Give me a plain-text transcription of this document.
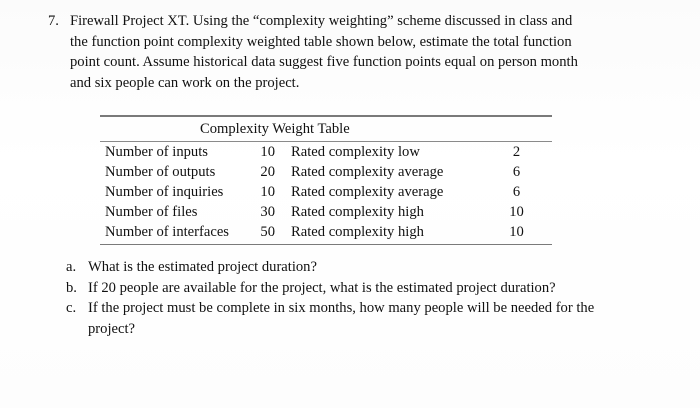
7. Firewall Project XT. Using the “complexity weighting” scheme discussed in class and
the function point complexity weighted table shown below, estimate the total function
point count. Assume historical data suggest five function points equal on person month
and six people can work on the project.
Complexity Weight Table
Number of inputs	10	Rated complexity low	2
Number of outputs	20	Rated complexity average	6
Number of inquiries	10	Rated complexity average	6
Number of files	30	Rated complexity high	10
Number of interfaces	50	Rated complexity high	10
a. What is the estimated project duration?
b. If 20 people are available for the project, what is the estimated project duration?
c. If the project must be complete in six months, how many people will be needed for the
project?
